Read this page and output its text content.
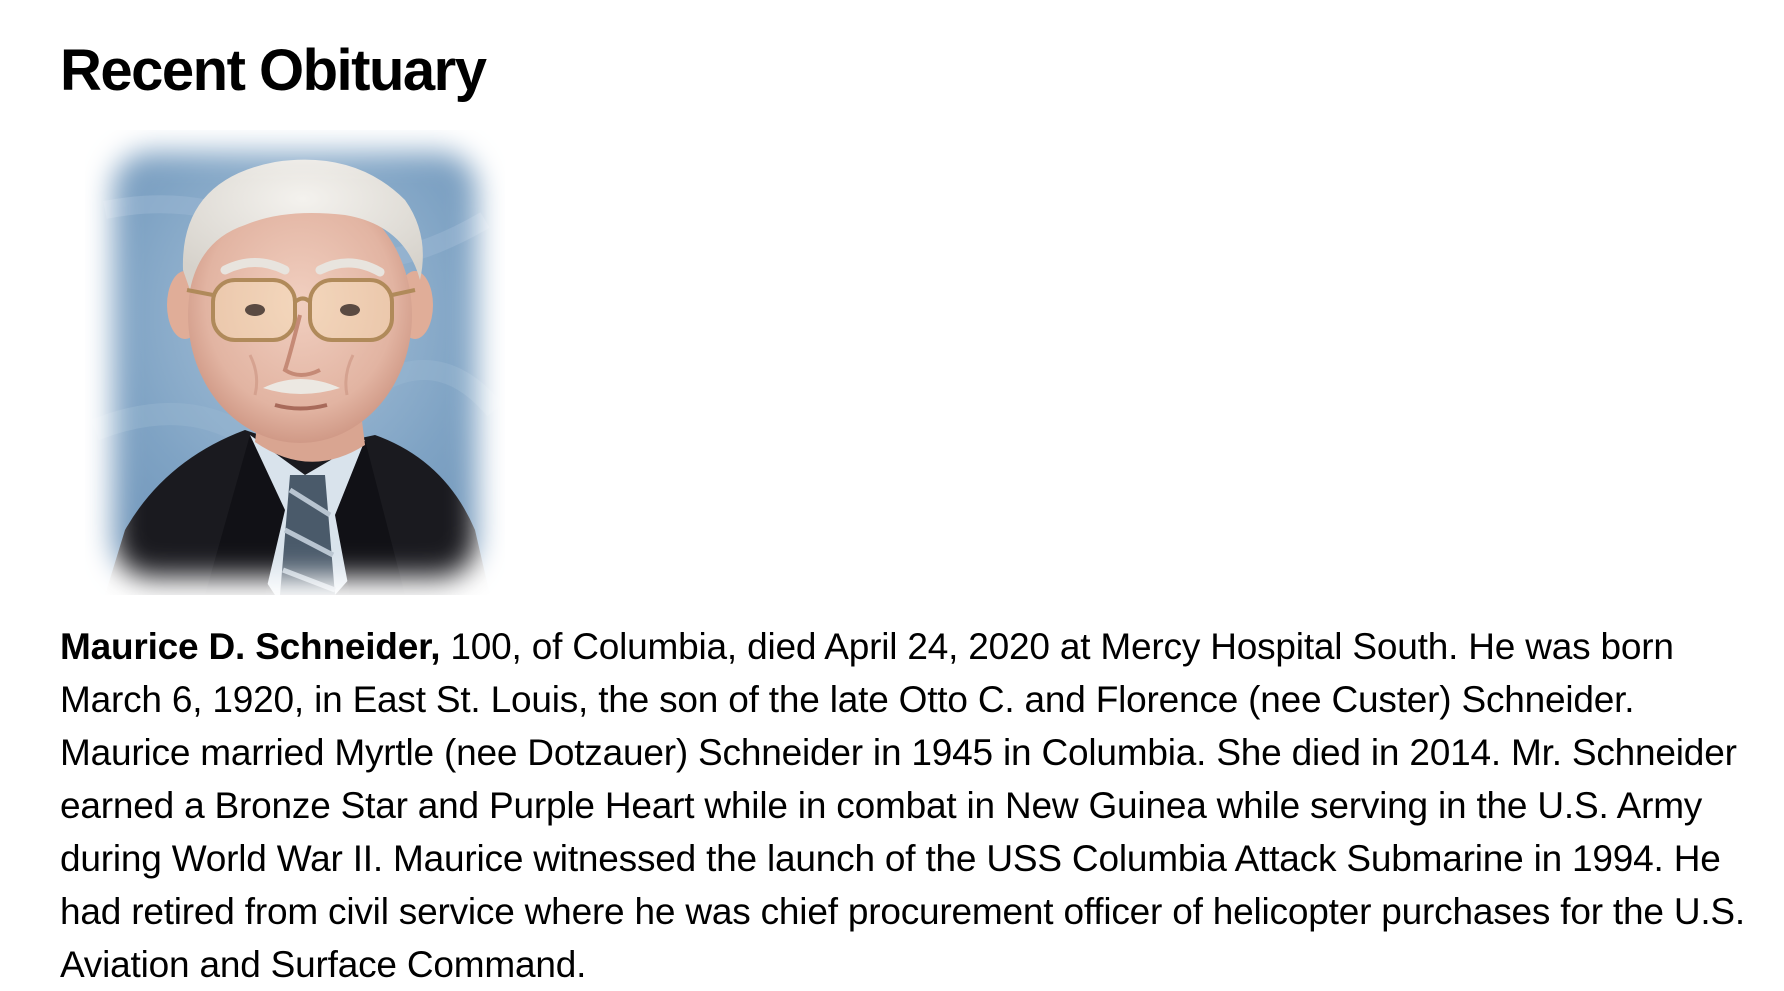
Recent Obituary

Maurice D. Schneider, 100, of Columbia, died April 24, 2020 at Mercy Hospital South. He was born March 6, 1920, in East St. Louis, the son of the late Otto C. and Florence (nee Custer) Schneider. Maurice married Myrtle (nee Dotzauer) Schneider in 1945 in Columbia. She died in 2014. Mr. Schneider earned a Bronze Star and Purple Heart while in combat in New Guinea while serving in the U.S. Army during World War II. Maurice witnessed the launch of the USS Columbia Attack Submarine in 1994. He had retired from civil service where he was chief procurement officer of helicopter purchases for the U.S. Aviation and Surface Command.
